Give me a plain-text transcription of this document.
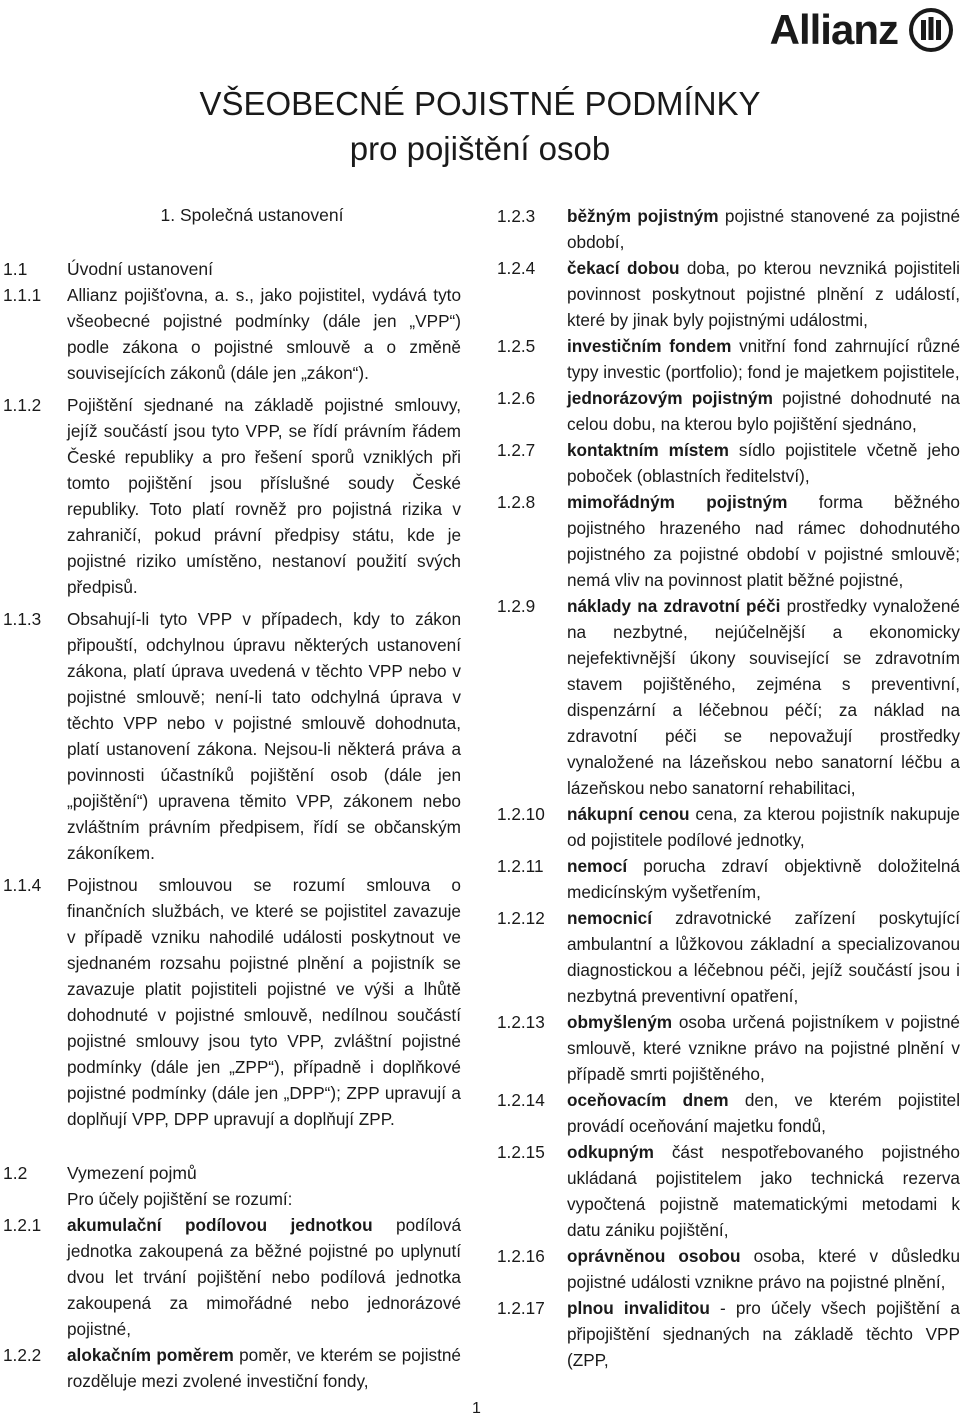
Allianz
VŠEOBECNÉ POJISTNÉ PODMÍNKY
pro pojištění osob
1. Společná ustanovení
1.1	Úvodní ustanovení
1.1.1	Allianz pojišťovna, a. s., jako pojistitel, vydává tyto všeobecné pojistné podmínky (dále jen „VPP“) podle zákona o pojistné smlouvě a o změně souvisejících zákonů (dále jen „zákon“).
1.1.2	Pojištění sjednané na základě pojistné smlouvy, jejíž součástí jsou tyto VPP, se řídí právním řádem České republiky a pro řešení sporů vzniklých při tomto pojištění jsou příslušné soudy České republiky. Toto platí rovněž pro pojistná rizika v zahraničí, pokud právní předpisy státu, kde je pojistné riziko umístěno, nestanoví použití svých předpisů.
1.1.3	Obsahují-li tyto VPP v případech, kdy to zákon připouští, odchylnou úpravu některých ustanovení zákona, platí úprava uvedená v těchto VPP nebo v pojistné smlouvě; není-li tato odchylná úprava v těchto VPP nebo v pojistné smlouvě dohodnuta, platí ustanovení zákona. Nejsou-li některá práva a povinnosti účastníků pojištění osob (dále jen „pojištění“) upravena těmito VPP, zákonem nebo zvláštním právním předpisem, řídí se občanským zákoníkem.
1.1.4	Pojistnou smlouvou se rozumí smlouva o finančních službách, ve které se pojistitel zavazuje v případě vzniku nahodilé události poskytnout ve sjednaném rozsahu pojistné plnění a pojistník se zavazuje platit pojistiteli pojistné ve výši a lhůtě dohodnuté v pojistné smlouvě, nedílnou součástí pojistné smlouvy jsou tyto VPP, zvláštní pojistné podmínky (dále jen „ZPP“), případně i doplňkové pojistné podmínky (dále jen „DPP“); ZPP upravují a doplňují VPP, DPP upravují a doplňují ZPP.
1.2	Vymezení pojmů
Pro účely pojištění se rozumí:
1.2.1	akumulační podílovou jednotkou podílová jednotka zakoupená za běžné pojistné po uplynutí dvou let trvání pojištění nebo podílová jednotka zakoupená za mimořádné nebo jednorázové pojistné,
1.2.2	alokačním poměrem poměr, ve kterém se pojistné rozděluje mezi zvolené investiční fondy,
1.2.3	běžným pojistným pojistné stanovené za pojistné období,
1.2.4	čekací dobou doba, po kterou nevzniká pojistiteli povinnost poskytnout pojistné plnění z událostí, které by jinak byly pojistnými událostmi,
1.2.5	investičním fondem vnitřní fond zahrnující různé typy investic (portfolio); fond je majetkem pojistitele,
1.2.6	jednorázovým pojistným pojistné dohodnuté na celou dobu, na kterou bylo pojištění sjednáno,
1.2.7	kontaktním místem sídlo pojistitele včetně jeho poboček (oblastních ředitelství),
1.2.8	mimořádným pojistným forma běžného pojistného hrazeného nad rámec dohodnutého pojistného za pojistné období v pojistné smlouvě; nemá vliv na povinnost platit běžné pojistné,
1.2.9	náklady na zdravotní péči prostředky vynaložené na nezbytné, nejúčelnější a ekonomicky nejefektivnější úkony související se zdravotním stavem pojištěného, zejména s preventivní, dispenzární a léčebnou péčí; za náklad na zdravotní péči se nepovažují prostředky vynaložené na lázeňskou nebo sanatorní léčbu a lázeňskou nebo sanatorní rehabilitaci,
1.2.10	nákupní cenou cena, za kterou pojistník nakupuje od pojistitele podílové jednotky,
1.2.11	nemocí porucha zdraví objektivně doložitelná medicínským vyšetřením,
1.2.12	nemocnicí zdravotnické zařízení poskytující ambulantní a lůžkovou základní a specializovanou diagnostickou a léčebnou péči, jejíž součástí jsou i nezbytná preventivní opatření,
1.2.13	obmyšleným osoba určená pojistníkem v pojistné smlouvě, které vznikne právo na pojistné plnění v případě smrti pojištěného,
1.2.14	oceňovacím dnem den, ve kterém pojistitel provádí oceňování majetku fondů,
1.2.15	odkupným část nespotřebovaného pojistného ukládaná pojistitelem jako technická rezerva vypočtená pojistně matematickými metodami k datu zániku pojištění,
1.2.16	oprávněnou osobou osoba, které v důsledku pojistné události vznikne právo na pojistné plnění,
1.2.17	plnou invaliditou - pro účely všech pojištění a připojištění sjednaných na základě těchto VPP (ZPP,
1
